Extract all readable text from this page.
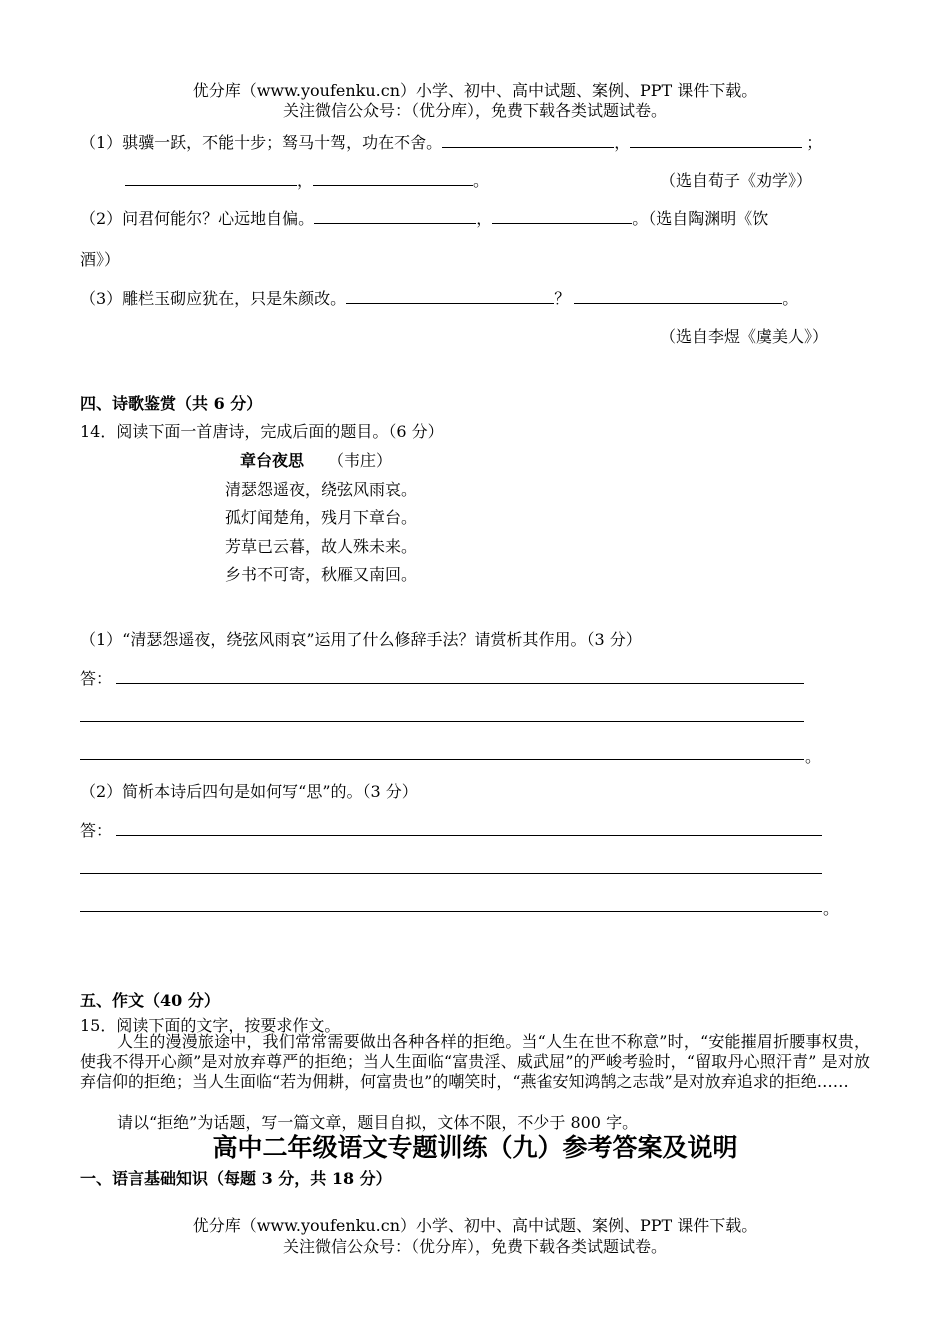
优分库（www.youfenku.cn）小学、初中、高中试题、案例、PPT 课件下载。
关注微信公众号：（优分库），免费下载各类试题试卷。
（1）骐骥一跃，不能十步；驽马十驾，功在不舍。	，	；
，	。	（选自荀子《劝学》）
（2）问君何能尔？心远地自偏。	，	。（选自陶渊明《饮
酒》）
（3）雕栏玉砌应犹在，只是朱颜改。	？	。
（选自李煜《虞美人》）
四、诗歌鉴赏（共 6 分）
14．阅读下面一首唐诗，完成后面的题目。（6 分）
章台夜思 （韦庄）
清瑟怨遥夜，绕弦风雨哀。
孤灯闻楚角，残月下章台。
芳草已云暮，故人殊未来。
乡书不可寄，秋雁又南回。
（1）“清瑟怨遥夜，绕弦风雨哀”运用了什么修辞手法？请赏析其作用。（3 分）
答：
。
（2）简析本诗后四句是如何写“思”的。（3 分）
答：
。
五、作文（40 分）
15．阅读下面的文字，按要求作文。
人生的漫漫旅途中，我们常常需要做出各种各样的拒绝。当“人生在世不称意”时，“安能摧眉折腰事权贵，使我不得开心颜”是对放弃尊严的拒绝；当人生面临“富贵淫、威武屈”的严峻考验时，“留取丹心照汗青” 是对放弃信仰的拒绝；当人生面临“若为佣耕，何富贵也”的嘲笑时，“燕雀安知鸿鹄之志哉”是对放弃追求的拒绝……
请以“拒绝”为话题，写一篇文章，题目自拟，文体不限，不少于 800 字。
高中二年级语文专题训练（九）参考答案及说明
一、语言基础知识（每题 3 分，共 18 分）
优分库（www.youfenku.cn）小学、初中、高中试题、案例、PPT 课件下载。
关注微信公众号：（优分库），免费下载各类试题试卷。
